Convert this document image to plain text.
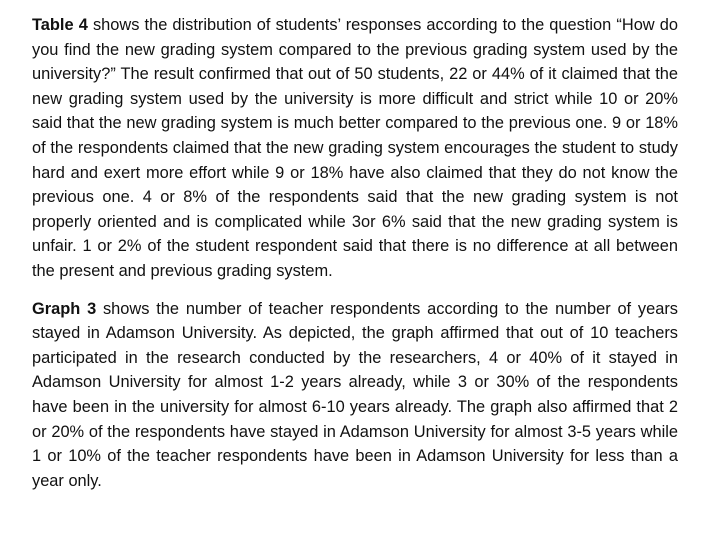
Table 4 shows the distribution of students’ responses according to the question “How do you find the new grading system compared to the previous grading system used by the university?” The result confirmed that out of 50 students, 22 or 44% of it claimed that the new grading system used by the university is more difficult and strict while 10 or 20% said that the new grading system is much better compared to the previous one. 9 or 18% of the respondents claimed that the new grading system encourages the student to study hard and exert more effort while 9 or 18% have also claimed that they do not know the previous one. 4 or 8% of the respondents said that the new grading system is not properly oriented and is complicated while 3or 6% said that the new grading system is unfair. 1 or 2% of the student respondent said that there is no difference at all between the present and previous grading system.

Graph 3 shows the number of teacher respondents according to the number of years stayed in Adamson University. As depicted, the graph affirmed that out of 10 teachers participated in the research conducted by the researchers, 4 or 40% of it stayed in Adamson University for almost 1-2 years already, while 3 or 30% of the respondents have been in the university for almost 6-10 years already. The graph also affirmed that 2 or 20% of the respondents have stayed in Adamson University for almost 3-5 years while 1 or 10% of the teacher respondents have been in Adamson University for less than a year only.
